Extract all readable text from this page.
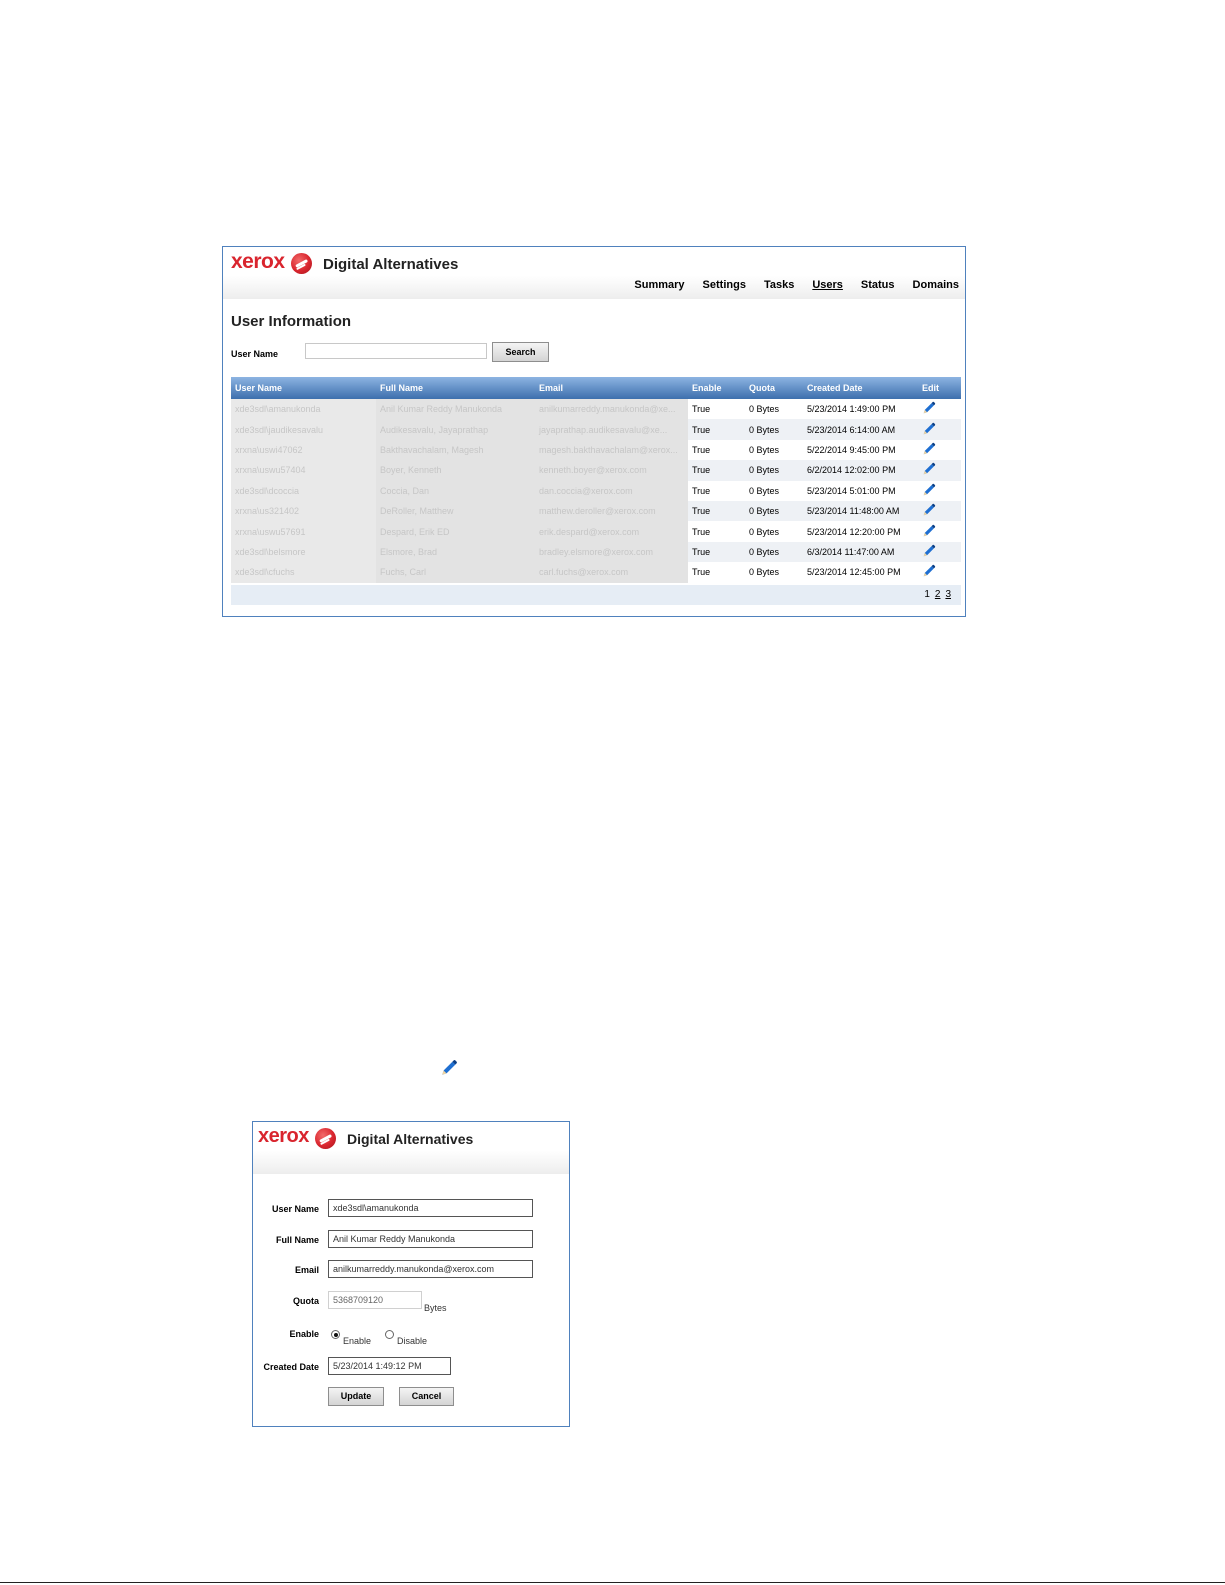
xerox	Digital Alternatives
Summary Settings Tasks Users Status Domains
User Information
User Name	Search
User Name	Full Name	Email	Enable	Quota	Created Date	Edit
xde3sdl\amanukonda	Anil Kumar Reddy Manukonda	anilkumarreddy.manukonda@xe...	True	0 Bytes	5/23/2014 1:49:00 PM	
xde3sdl\jaudikesavalu	Audikesavalu, Jayaprathap	jayaprathap.audikesavalu@xe...	True	0 Bytes	5/23/2014 6:14:00 AM	
xrxna\uswi47062	Bakthavachalam, Magesh	magesh.bakthavachalam@xerox...	True	0 Bytes	5/22/2014 9:45:00 PM	
xrxna\uswu57404	Boyer, Kenneth	kenneth.boyer@xerox.com	True	0 Bytes	6/2/2014 12:02:00 PM	
xde3sdl\dcoccia	Coccia, Dan	dan.coccia@xerox.com	True	0 Bytes	5/23/2014 5:01:00 PM	
xrxna\us321402	DeRoller, Matthew	matthew.deroller@xerox.com	True	0 Bytes	5/23/2014 11:48:00 AM	
xrxna\uswu57691	Despard, Erik ED	erik.despard@xerox.com	True	0 Bytes	5/23/2014 12:20:00 PM	
xde3sdl\belsmore	Elsmore, Brad	bradley.elsmore@xerox.com	True	0 Bytes	6/3/2014 11:47:00 AM	
xde3sdl\cfuchs	Fuchs, Carl	carl.fuchs@xerox.com	True	0 Bytes	5/23/2014 12:45:00 PM	
1 2 3
xerox	Digital Alternatives
User Name	xde3sdl\amanukonda
Full Name	Anil Kumar Reddy Manukonda
Email	anilkumarreddy.manukonda@xerox.com
Quota	5368709120
Bytes
Enable
Enable	Disable
Created Date	5/23/2014 1:49:12 PM
Update	Cancel
